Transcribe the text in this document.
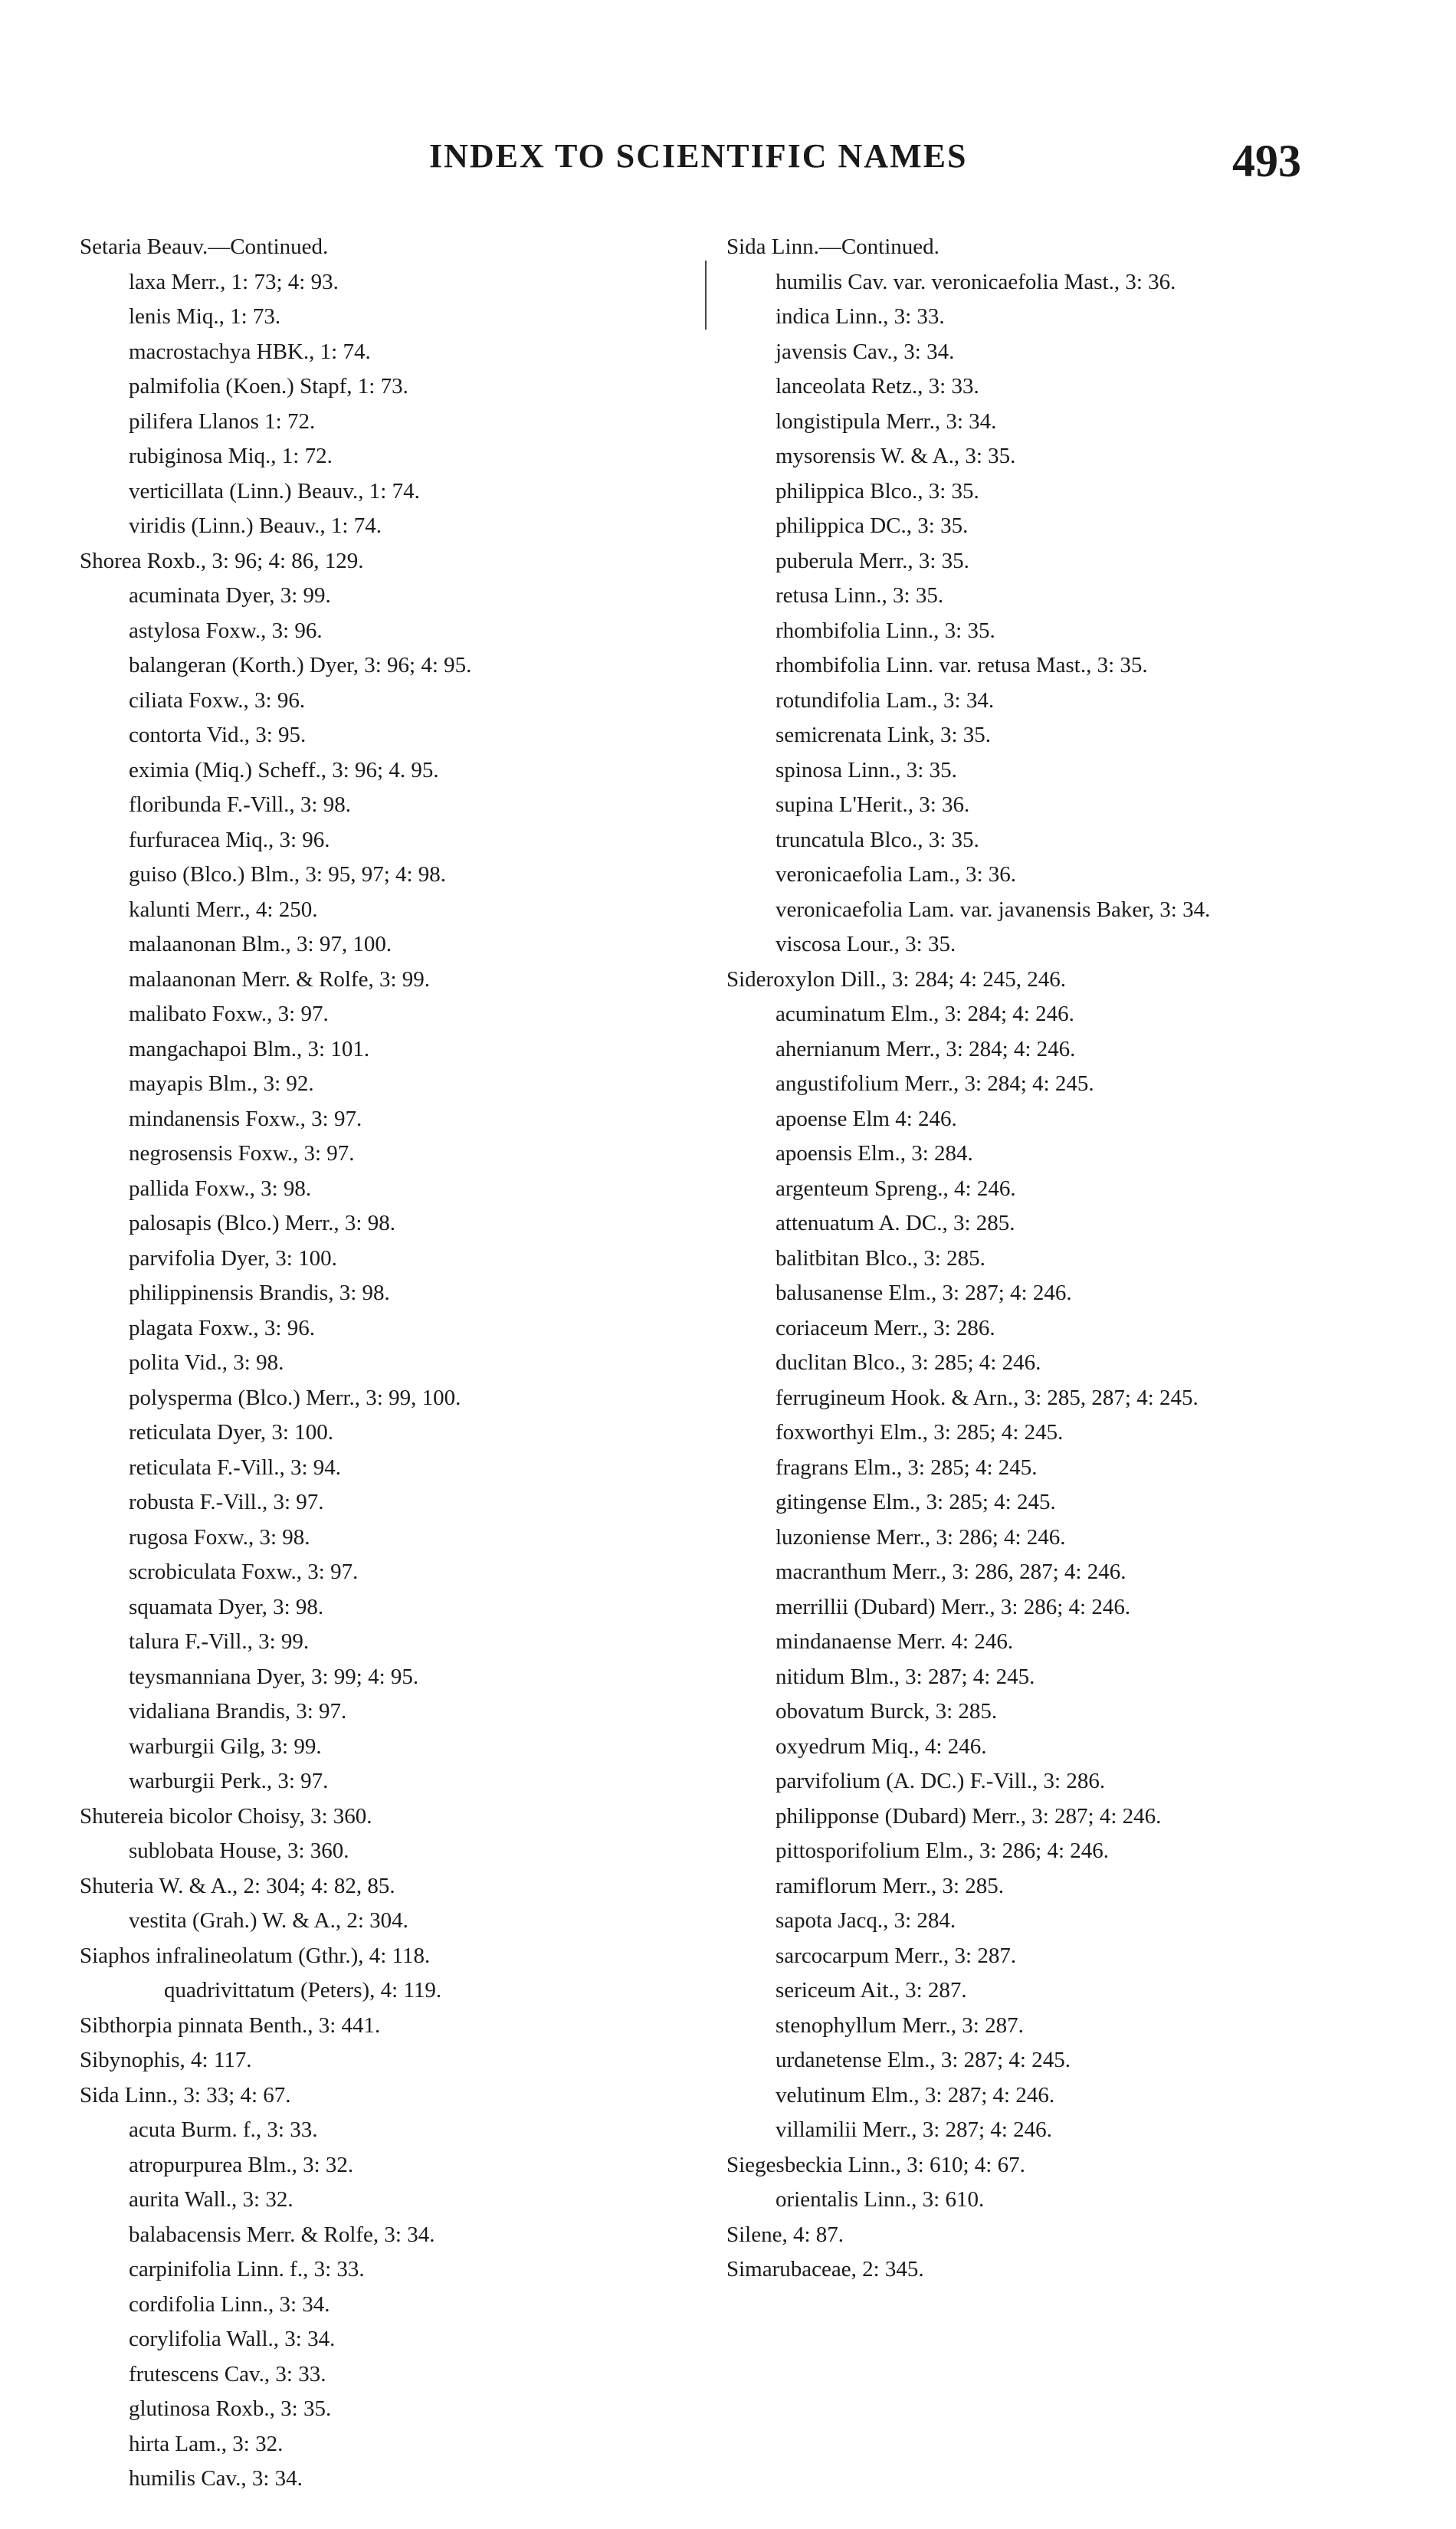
INDEX TO SCIENTIFIC NAMES	493
Setaria Beauv.—Continued.
laxa Merr., 1: 73; 4: 93.
lenis Miq., 1: 73.
macrostachya HBK., 1: 74.
palmifolia (Koen.) Stapf, 1: 73.
pilifera Llanos 1: 72.
rubiginosa Miq., 1: 72.
verticillata (Linn.) Beauv., 1: 74.
viridis (Linn.) Beauv., 1: 74.
Shorea Roxb., 3: 96; 4: 86, 129.
acuminata Dyer, 3: 99.
astylosa Foxw., 3: 96.
balangeran (Korth.) Dyer, 3: 96; 4: 95.
ciliata Foxw., 3: 96.
contorta Vid., 3: 95.
eximia (Miq.) Scheff., 3: 96; 4. 95.
floribunda F.-Vill., 3: 98.
furfuracea Miq., 3: 96.
guiso (Blco.) Blm., 3: 95, 97; 4: 98.
kalunti Merr., 4: 250.
malaanonan Blm., 3: 97, 100.
malaanonan Merr. & Rolfe, 3: 99.
malibato Foxw., 3: 97.
mangachapoi Blm., 3: 101.
mayapis Blm., 3: 92.
mindanensis Foxw., 3: 97.
negrosensis Foxw., 3: 97.
pallida Foxw., 3: 98.
palosapis (Blco.) Merr., 3: 98.
parvifolia Dyer, 3: 100.
philippinensis Brandis, 3: 98.
plagata Foxw., 3: 96.
polita Vid., 3: 98.
polysperma (Blco.) Merr., 3: 99, 100.
reticulata Dyer, 3: 100.
reticulata F.-Vill., 3: 94.
robusta F.-Vill., 3: 97.
rugosa Foxw., 3: 98.
scrobiculata Foxw., 3: 97.
squamata Dyer, 3: 98.
talura F.-Vill., 3: 99.
teysmanniana Dyer, 3: 99; 4: 95.
vidaliana Brandis, 3: 97.
warburgii Gilg, 3: 99.
warburgii Perk., 3: 97.
Shutereia bicolor Choisy, 3: 360.
sublobata House, 3: 360.
Shuteria W. & A., 2: 304; 4: 82, 85.
vestita (Grah.) W. & A., 2: 304.
Siaphos infralineolatum (Gthr.), 4: 118.
quadrivittatum (Peters), 4: 119.
Sibthorpia pinnata Benth., 3: 441.
Sibynophis, 4: 117.
Sida Linn., 3: 33; 4: 67.
acuta Burm. f., 3: 33.
atropurpurea Blm., 3: 32.
aurita Wall., 3: 32.
balabacensis Merr. & Rolfe, 3: 34.
carpinifolia Linn. f., 3: 33.
cordifolia Linn., 3: 34.
corylifolia Wall., 3: 34.
frutescens Cav., 3: 33.
glutinosa Roxb., 3: 35.
hirta Lam., 3: 32.
humilis Cav., 3: 34.
Sida Linn.—Continued.
humilis Cav. var. veronicaefolia Mast., 3: 36.
indica Linn., 3: 33.
javensis Cav., 3: 34.
lanceolata Retz., 3: 33.
longistipula Merr., 3: 34.
mysorensis W. & A., 3: 35.
philippica Blco., 3: 35.
philippica DC., 3: 35.
puberula Merr., 3: 35.
retusa Linn., 3: 35.
rhombifolia Linn., 3: 35.
rhombifolia Linn. var. retusa Mast., 3: 35.
rotundifolia Lam., 3: 34.
semicrenata Link, 3: 35.
spinosa Linn., 3: 35.
supina L'Herit., 3: 36.
truncatula Blco., 3: 35.
veronicaefolia Lam., 3: 36.
veronicaefolia Lam. var. javanensis Baker, 3: 34.
viscosa Lour., 3: 35.
Sideroxylon Dill., 3: 284; 4: 245, 246.
acuminatum Elm., 3: 284; 4: 246.
ahernianum Merr., 3: 284; 4: 246.
angustifolium Merr., 3: 284; 4: 245.
apoense Elm 4: 246.
apoensis Elm., 3: 284.
argenteum Spreng., 4: 246.
attenuatum A. DC., 3: 285.
balitbitan Blco., 3: 285.
balusanense Elm., 3: 287; 4: 246.
coriaceum Merr., 3: 286.
duclitan Blco., 3: 285; 4: 246.
ferrugineum Hook. & Arn., 3: 285, 287; 4: 245.
foxworthyi Elm., 3: 285; 4: 245.
fragrans Elm., 3: 285; 4: 245.
gitingense Elm., 3: 285; 4: 245.
luzoniense Merr., 3: 286; 4: 246.
macranthum Merr., 3: 286, 287; 4: 246.
merrillii (Dubard) Merr., 3: 286; 4: 246.
mindanaense Merr. 4: 246.
nitidum Blm., 3: 287; 4: 245.
obovatum Burck, 3: 285.
oxyedrum Miq., 4: 246.
parvifolium (A. DC.) F.-Vill., 3: 286.
philipponse (Dubard) Merr., 3: 287; 4: 246.
pittosporifolium Elm., 3: 286; 4: 246.
ramiflorum Merr., 3: 285.
sapota Jacq., 3: 284.
sarcocarpum Merr., 3: 287.
sericeum Ait., 3: 287.
stenophyllum Merr., 3: 287.
urdanetense Elm., 3: 287; 4: 245.
velutinum Elm., 3: 287; 4: 246.
villamilii Merr., 3: 287; 4: 246.
Siegesbeckia Linn., 3: 610; 4: 67.
orientalis Linn., 3: 610.
Silene, 4: 87.
Simarubaceae, 2: 345.
